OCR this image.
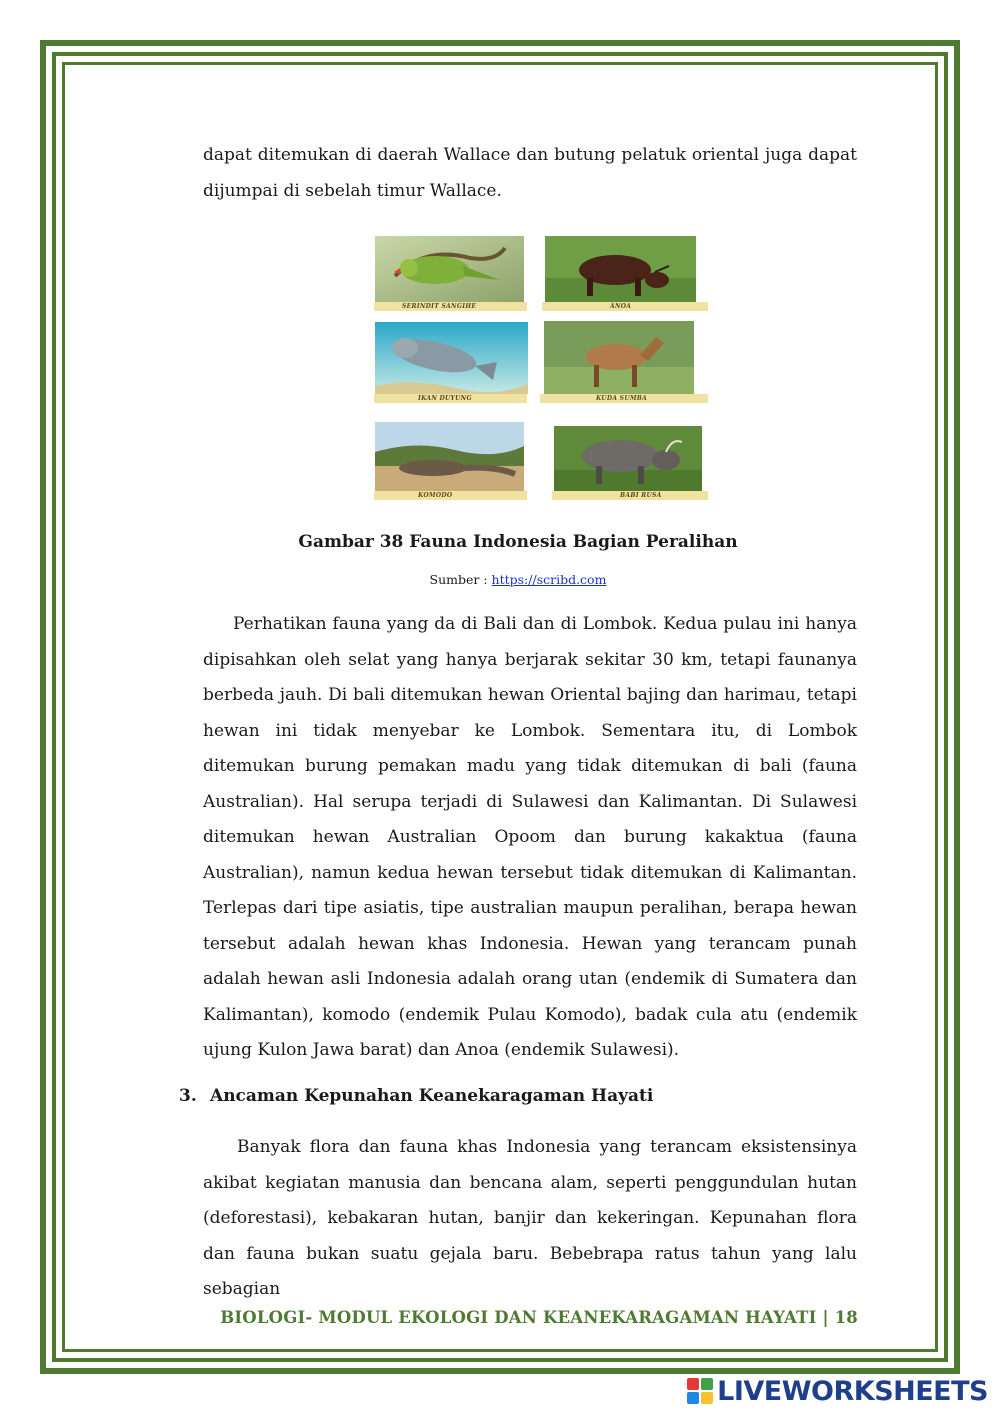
dapat ditemukan di daerah Wallace dan butung pelatuk oriental juga dapat dijumpai di sebelah timur Wallace.

SERINDIT SANGIHE	ANOA
IKAN DUYUNG	KUDA SUMBA
KOMODO	BABI RUSA

Gambar 38 Fauna Indonesia Bagian Peralihan

Sumber : https://scribd.com

Perhatikan fauna yang da di Bali dan di Lombok. Kedua pulau ini hanya dipisahkan oleh selat yang hanya berjarak sekitar 30 km, tetapi faunanya berbeda jauh. Di bali ditemukan hewan Oriental bajing dan harimau, tetapi hewan ini tidak menyebar ke Lombok. Sementara itu, di Lombok ditemukan burung pemakan madu yang tidak ditemukan di bali (fauna Australian). Hal serupa terjadi di Sulawesi dan Kalimantan. Di Sulawesi ditemukan hewan Australian Opoom dan burung kakaktua (fauna Australian), namun kedua hewan tersebut tidak ditemukan di Kalimantan. Terlepas dari tipe asiatis, tipe australian maupun peralihan, berapa hewan tersebut adalah hewan khas Indonesia. Hewan yang terancam punah adalah hewan asli Indonesia adalah orang utan (endemik di Sumatera dan Kalimantan), komodo (endemik Pulau Komodo), badak cula atu (endemik ujung Kulon Jawa barat) dan Anoa (endemik Sulawesi).

3. Ancaman Kepunahan Keanekaragaman Hayati

Banyak flora dan fauna khas Indonesia yang terancam eksistensinya akibat kegiatan manusia dan bencana alam, seperti penggundulan hutan (deforestasi), kebakaran hutan, banjir dan kekeringan. Kepunahan flora dan fauna bukan suatu gejala baru. Bebebrapa ratus tahun yang lalu sebagian

BIOLOGI- MODUL EKOLOGI DAN KEANEKARAGAMAN HAYATI | 18

LIVEWORKSHEETS
